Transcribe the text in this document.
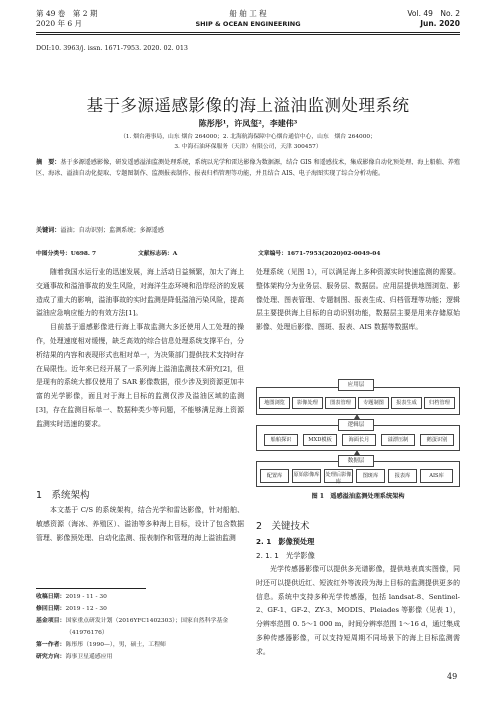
第 49 卷　第 2 期
2020 年 6 月
船 舶 工 程
SHIP & OCEAN ENGINEERING
Vol. 49　No. 2
Jun. 2020
DOI:10. 3963/j. issn. 1671-7953. 2020. 02. 013
基于多源遥感影像的海上溢油监测处理系统
陈彤彤¹，许凤玺²，李建伟³
（1. 烟台港事局，山东 烟台 264000；2. 北海航海保障中心烟台通信中心，山东　烟台 264000；
3. 中海石油环保服务（天津）有限公司，天津 300457）
摘　要：基于多源遥感影像，研发遥感溢油监测处理系统，系统以光学和雷达影像为数据源，结合 GIS 和遥感技术，集成影像自动化预处理、海上船舶、养殖区、海冰、溢油自动化提取、专题图制作、监测报表制作、报表归档管理等功能，并且结合 AIS、电子海图实现了综合分析功能。
关键词：溢油；自动识别；监测系统；多源遥感
中图分类号：U698. 7	文献标志码：A	文章编号：1671-7953(2020)02-0049-04

随着我国水运行业的迅速发展，海上活动日益频繁，加大了海上交通事故和溢油事故的发生风险，对海洋生态环境和沿岸经济的发展造成了重大的影响，溢油事故的实时监测是降低溢油污染风险，提高溢油应急响应能力的有效方法[1]。

目前基于遥感影像进行海上事故监测大多还使用人工处理的操作，处理速度相对缓慢，缺乏高效的综合信息处理系统支撑平台，分析结果的内容和表现形式也相对单一，为决策部门提供技术支持时存在局限性。近年来已经开展了一系列海上溢油监测技术研究[2]，但是现有的系统大都仅使用了 SAR 影像数据，很少涉及到资源更加丰富的光学影像，面且对于海上目标的监测仅涉及溢油区域的监测[3]，存在监测目标单一、数据种类少等问题，不能够满足海上资源监测实时迅速的要求。

1　系统架构

本文基于 C/S 的系统架构，结合光学和雷达影像，针对船舶、敏感资源（海冰、养殖区）、溢油等多种海上目标，设计了包含数据管理、影像预处理、自动化监测、报表制作和管理的海上溢油监测

收稿日期：2019 - 11 - 30
修回日期：2019 - 12 - 30
基金项目：国家重点研发计划（2016YFC1402303）；国家自然科学基金（41976176）
第一作者：陈彤彤（1990—），男，硕士，工程师
研究方向：海事卫星遥感应用

处理系统（见图 1），可以满足海上多种资源实时快速监测的需要。整体架构分为业务层、服务层、数据层。应用层提供地图浏览、影像处理、图表管理、专题制图、报表生成、归档管理等功能；逻辑层主要提供海上目标的自动识别功能，数据层主要是用来存储原始影像、处理后影像、图斑、报表、AIS 数据等数据库。

应用层
地图浏览	影像处理	图表管理	专题制图	报表生成	归档管理
逻辑层
船舶探识	MXD模板	海面长月	溢漂压制	鹅蛋识别
数据层
配置库	原始影像库 处理后影像库
图斑库	报表库	AIS库
图 1　遥感溢油监测处理系统架构
2　关键技术
2. 1　影像预处理
2. 1. 1　光学影像

光学传感器影像可以提供多光谱影像，提供地表真实图像，同时还可以提供近红、短波红外等波段为海上目标的监测提供更多的信息。系统中支持多种光学传感器，包括 landsat-8、Sentinel-2、GF-1、GF-2、ZY-3、MODIS、Pleiades 等影像（见表 1），分辨率范围 0. 5～1 000 m，时间分辨率范围 1～16 d，通过集成多种传感器影像，可以支持短周期不同场景下的海上目标监测需求。

49
